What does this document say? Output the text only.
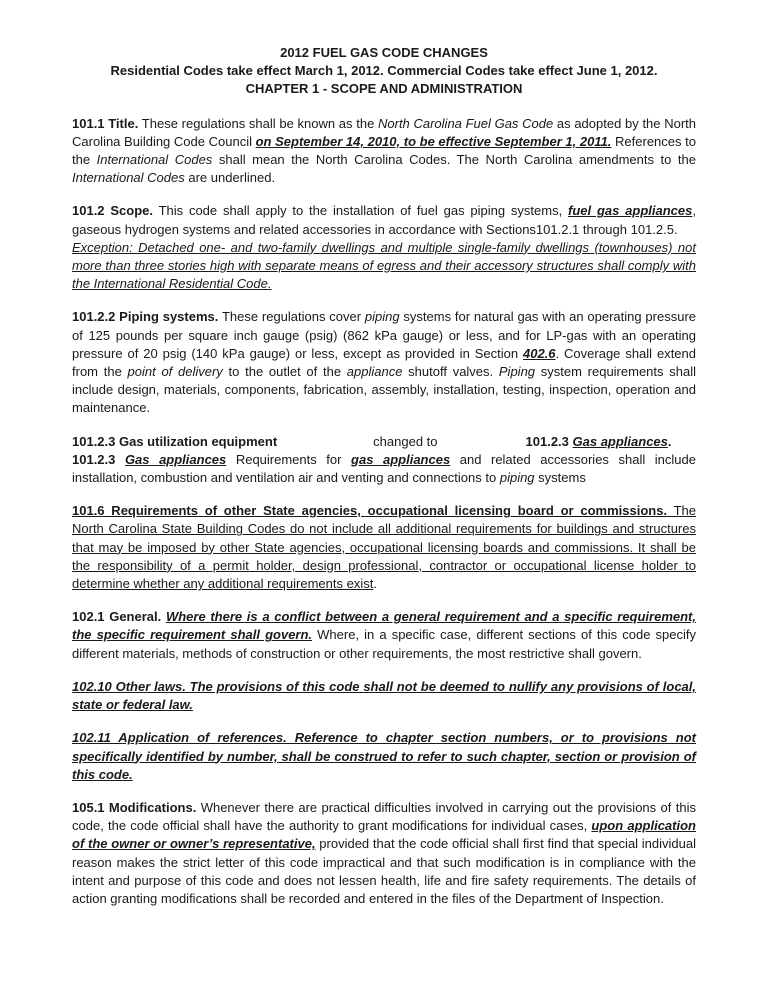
2012 FUEL GAS CODE CHANGES

Residential Codes take effect March 1, 2012. Commercial Codes take effect June 1, 2012.

CHAPTER 1 - SCOPE AND ADMINISTRATION

101.1 Title. These regulations shall be known as the North Carolina Fuel Gas Code as adopted by the North Carolina Building Code Council on September 14, 2010, to be effective September 1, 2011. References to the International Codes shall mean the North Carolina Codes. The North Carolina amendments to the International Codes are underlined.

101.2 Scope. This code shall apply to the installation of fuel gas piping systems, fuel gas appliances, gaseous hydrogen systems and related accessories in accordance with Sections101.2.1 through 101.2.5.
Exception: Detached one- and two-family dwellings and multiple single-family dwellings (townhouses) not more than three stories high with separate means of egress and their accessory structures shall comply with the International Residential Code.

101.2.2 Piping systems. These regulations cover piping systems for natural gas with an operating pressure of 125 pounds per square inch gauge (psig) (862 kPa gauge) or less, and for LP-gas with an operating pressure of 20 psig (140 kPa gauge) or less, except as provided in Section 402.6. Coverage shall extend from the point of delivery to the outlet of the appliance shutoff valves. Piping system requirements shall include design, materials, components, fabrication, assembly, installation, testing, inspection, operation and maintenance.

101.2.3 Gas utilization equipment	changed to	101.2.3 Gas appliances.

101.2.3 Gas appliances Requirements for gas appliances and related accessories shall include installation, combustion and ventilation air and venting and connections to piping systems

101.6 Requirements of other State agencies, occupational licensing board or commissions. The North Carolina State Building Codes do not include all additional requirements for buildings and structures that may be imposed by other State agencies, occupational licensing boards and commissions. It shall be the responsibility of a permit holder, design professional, contractor or occupational license holder to determine whether any additional requirements exist.

102.1 General. Where there is a conflict between a general requirement and a specific requirement, the specific requirement shall govern. Where, in a specific case, different sections of this code specify different materials, methods of construction or other requirements, the most restrictive shall govern.

102.10 Other laws. The provisions of this code shall not be deemed to nullify any provisions of local, state or federal law.

102.11 Application of references. Reference to chapter section numbers, or to provisions not specifically identified by number, shall be construed to refer to such chapter, section or provision of this code.

105.1 Modifications. Whenever there are practical difficulties involved in carrying out the provisions of this code, the code official shall have the authority to grant modifications for individual cases, upon application of the owner or owner’s representative, provided that the code official shall first find that special individual reason makes the strict letter of this code impractical and that such modification is in compliance with the intent and purpose of this code and does not lessen health, life and fire safety requirements. The details of action granting modifications shall be recorded and entered in the files of the Department of Inspection.
